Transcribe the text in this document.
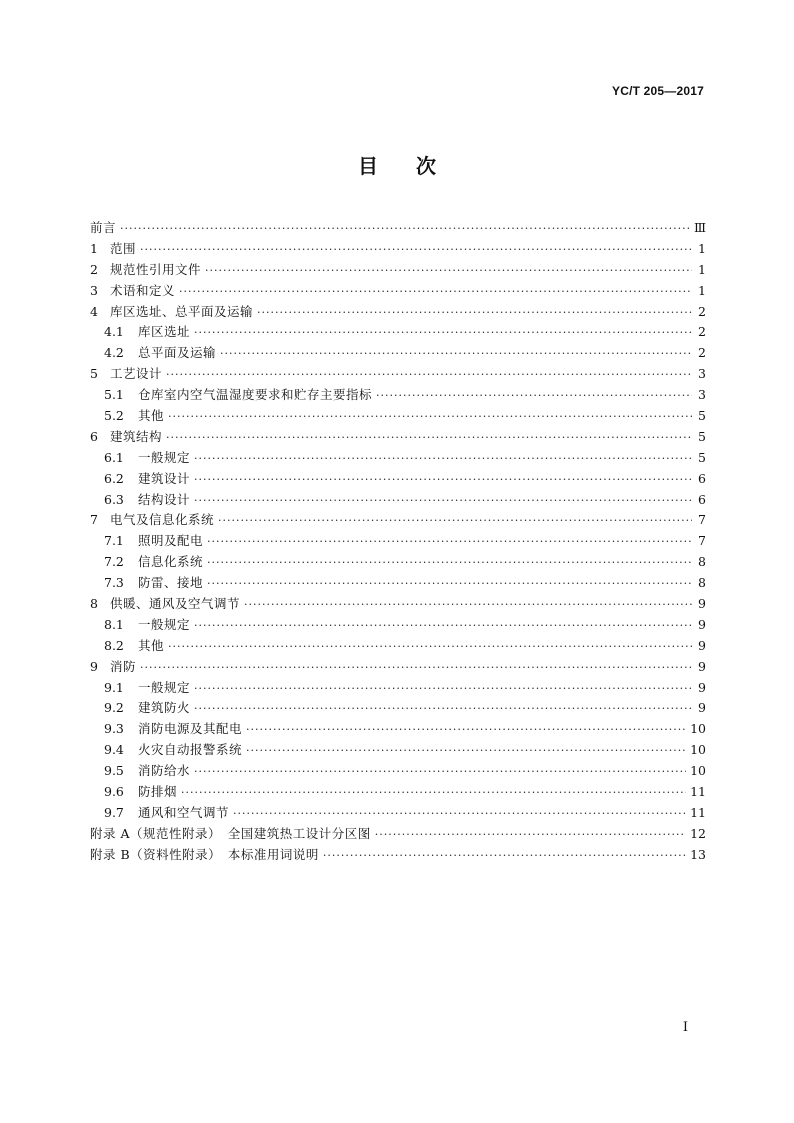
YC/T 205—2017
目 次
前言 ·····	Ⅲ
1 范围 ·····	1
2 规范性引用文件 ·····	1
3 术语和定义 ·····	1
4 库区选址、总平面及运输 ·····	2
4.1	库区选址 ·····	2
4.2	总平面及运输 ·····	2
5 工艺设计 ·····	3
5.1	仓库室内空气温湿度要求和贮存主要指标 ·····	3
5.2	其他 ·····	5
6 建筑结构 ·····	5
6.1	一般规定 ·····	5
6.2	建筑设计 ·····	6
6.3	结构设计 ·····	6
7 电气及信息化系统 ·····	7
7.1	照明及配电 ·····	7
7.2	信息化系统 ·····	8
7.3	防雷、接地 ·····	8
8 供暖、通风及空气调节 ·····	9
8.1	一般规定 ·····	9
8.2	其他 ·····	9
9 消防 ·····	9
9.1	一般规定 ·····	9
9.2	建筑防火 ·····	9
9.3	消防电源及其配电 ·····	10
9.4	火灾自动报警系统 ·····	10
9.5	消防给水 ·····	10
9.6	防排烟 ·····	11
9.7	通风和空气调节 ·····	11
附录 A（规范性附录）　全国建筑热工设计分区图 ·····	12
附录 B（资料性附录）　本标准用词说明 ·····	13
I
